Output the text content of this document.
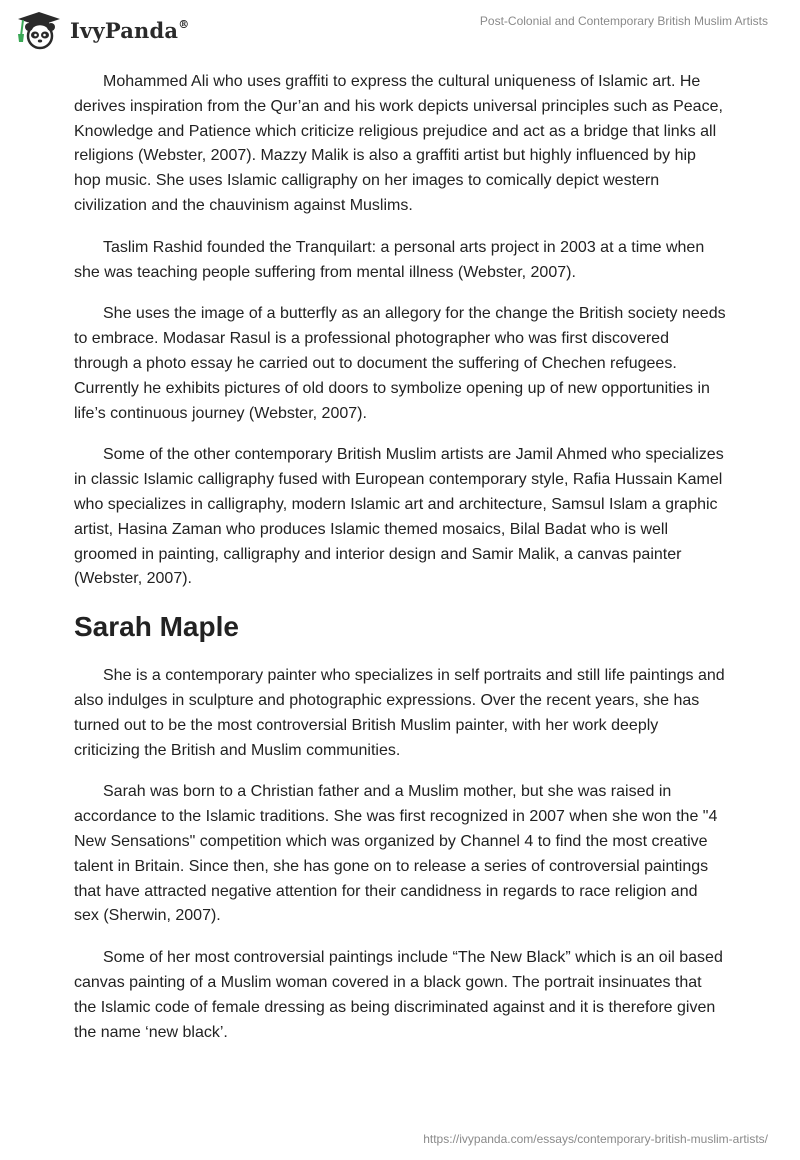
IvyPanda®	Post-Colonial and Contemporary British Muslim Artists

Mohammed Ali who uses graffiti to express the cultural uniqueness of Islamic art. He derives inspiration from the Qur’an and his work depicts universal principles such as Peace, Knowledge and Patience which criticize religious prejudice and act as a bridge that links all religions (Webster, 2007). Mazzy Malik is also a graffiti artist but highly influenced by hip hop music. She uses Islamic calligraphy on her images to comically depict western civilization and the chauvinism against Muslims.

Taslim Rashid founded the Tranquilart: a personal arts project in 2003 at a time when she was teaching people suffering from mental illness (Webster, 2007).

She uses the image of a butterfly as an allegory for the change the British society needs to embrace. Modasar Rasul is a professional photographer who was first discovered through a photo essay he carried out to document the suffering of Chechen refugees. Currently he exhibits pictures of old doors to symbolize opening up of new opportunities in life’s continuous journey (Webster, 2007).

Some of the other contemporary British Muslim artists are Jamil Ahmed who specializes in classic Islamic calligraphy fused with European contemporary style, Rafia Hussain Kamel who specializes in calligraphy, modern Islamic art and architecture, Samsul Islam a graphic artist, Hasina Zaman who produces Islamic themed mosaics, Bilal Badat who is well groomed in painting, calligraphy and interior design and Samir Malik, a canvas painter (Webster, 2007).

Sarah Maple

She is a contemporary painter who specializes in self portraits and still life paintings and also indulges in sculpture and photographic expressions. Over the recent years, she has turned out to be the most controversial British Muslim painter, with her work deeply criticizing the British and Muslim communities.

Sarah was born to a Christian father and a Muslim mother, but she was raised in accordance to the Islamic traditions. She was first recognized in 2007 when she won the "4 New Sensations" competition which was organized by Channel 4 to find the most creative talent in Britain. Since then, she has gone on to release a series of controversial paintings that have attracted negative attention for their candidness in regards to race religion and sex (Sherwin, 2007).

Some of her most controversial paintings include “The New Black” which is an oil based canvas painting of a Muslim woman covered in a black gown. The portrait insinuates that the Islamic code of female dressing as being discriminated against and it is therefore given the name ‘new black’.

https://ivypanda.com/essays/contemporary-british-muslim-artists/
